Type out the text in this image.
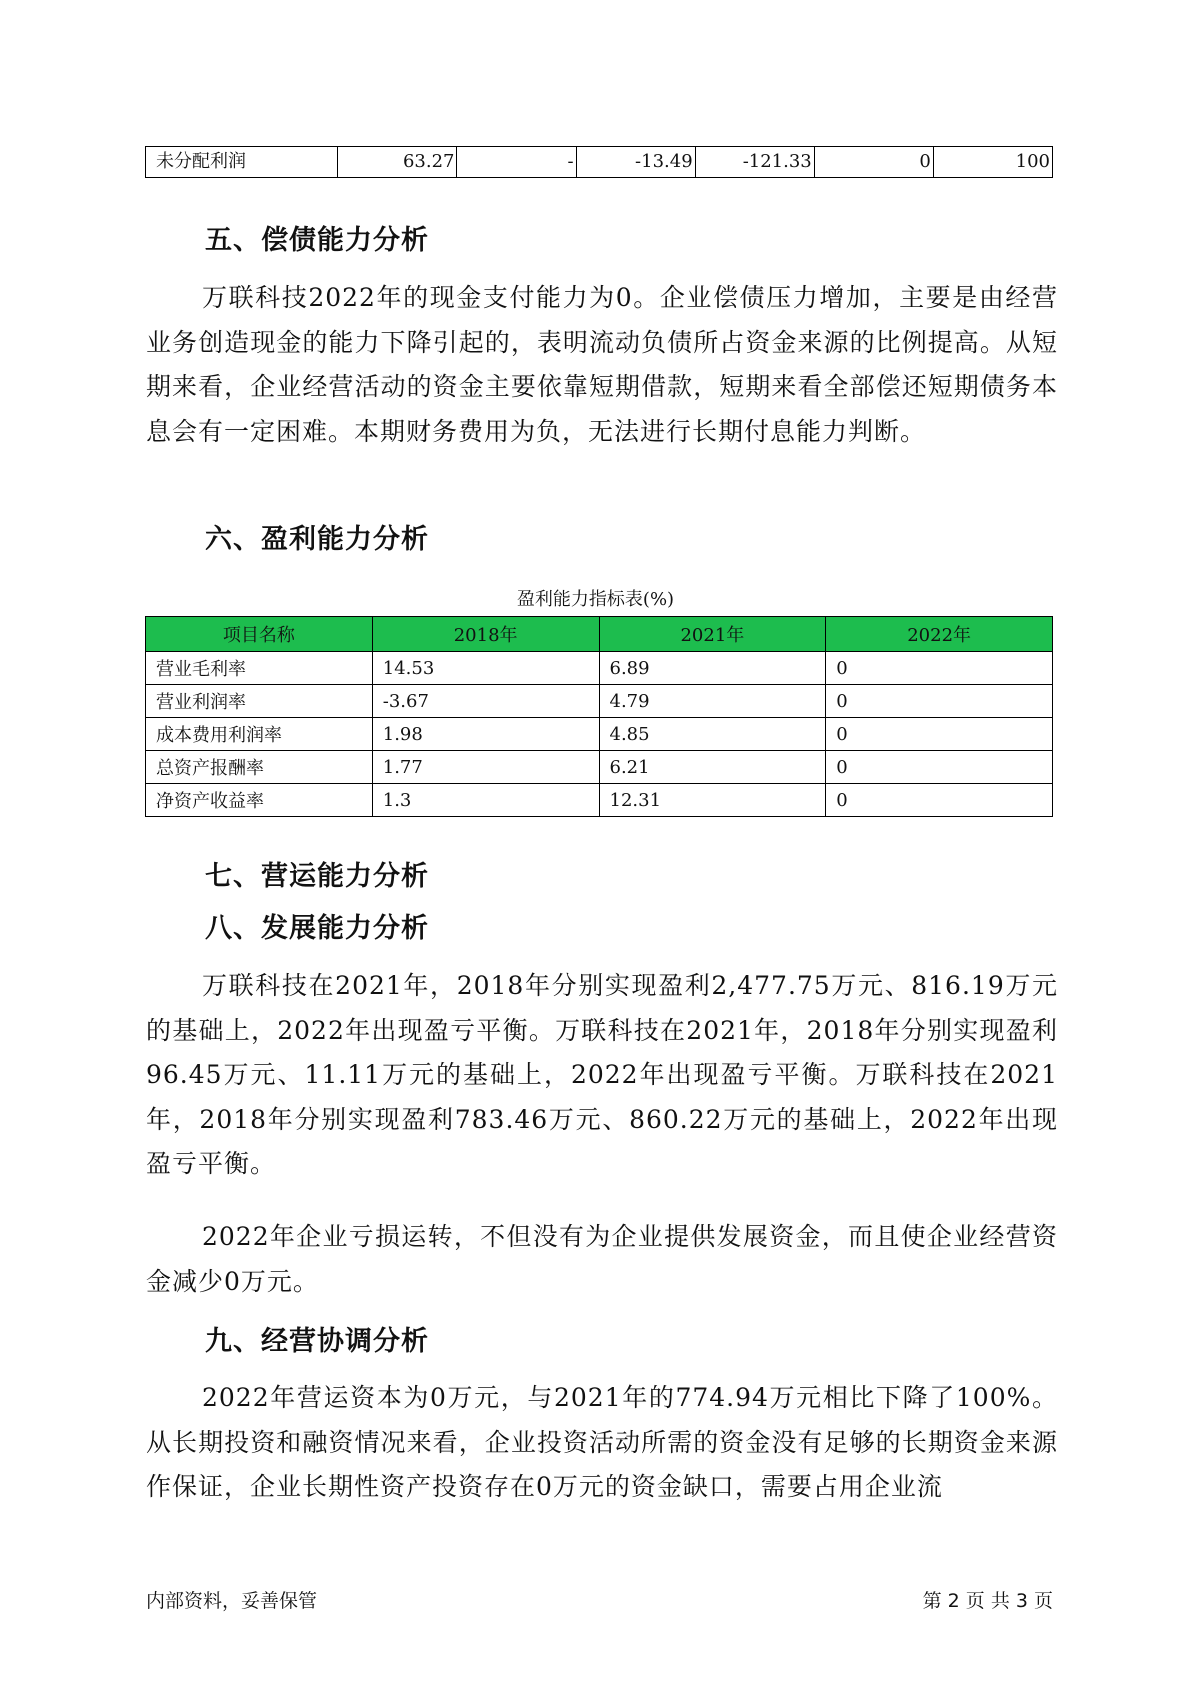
未分配利润	63.27	-	-13.49	-121.33	0	100
五、偿债能力分析

万联科技2022年的现金支付能力为0。企业偿债压力增加，主要是由经营业务创造现金的能力下降引起的，表明流动负债所占资金来源的比例提高。从短期来看，企业经营活动的资金主要依靠短期借款，短期来看全部偿还短期债务本息会有一定困难。本期财务费用为负，无法进行长期付息能力判断。

六、盈利能力分析
盈利能力指标表(%)
项目名称	2018年	2021年	2022年
营业毛利率	14.53	6.89	0
营业利润率	-3.67	4.79	0
成本费用利润率	1.98	4.85	0
总资产报酬率	1.77	6.21	0
净资产收益率	1.3	12.31	0
七、营运能力分析
八、发展能力分析

万联科技在2021年，2018年分别实现盈利2,477.75万元、816.19万元的基础上，2022年出现盈亏平衡。万联科技在2021年，2018年分别实现盈利96.45万元、11.11万元的基础上，2022年出现盈亏平衡。万联科技在2021年，2018年分别实现盈利783.46万元、860.22万元的基础上，2022年出现盈亏平衡。

2022年企业亏损运转，不但没有为企业提供发展资金，而且使企业经营资金减少0万元。

九、经营协调分析

2022年营运资本为0万元，与2021年的774.94万元相比下降了100%。从长期投资和融资情况来看，企业投资活动所需的资金没有足够的长期资金来源作保证，企业长期性资产投资存在0万元的资金缺口，需要占用企业流

内部资料，妥善保管	第 2 页 共 3 页
